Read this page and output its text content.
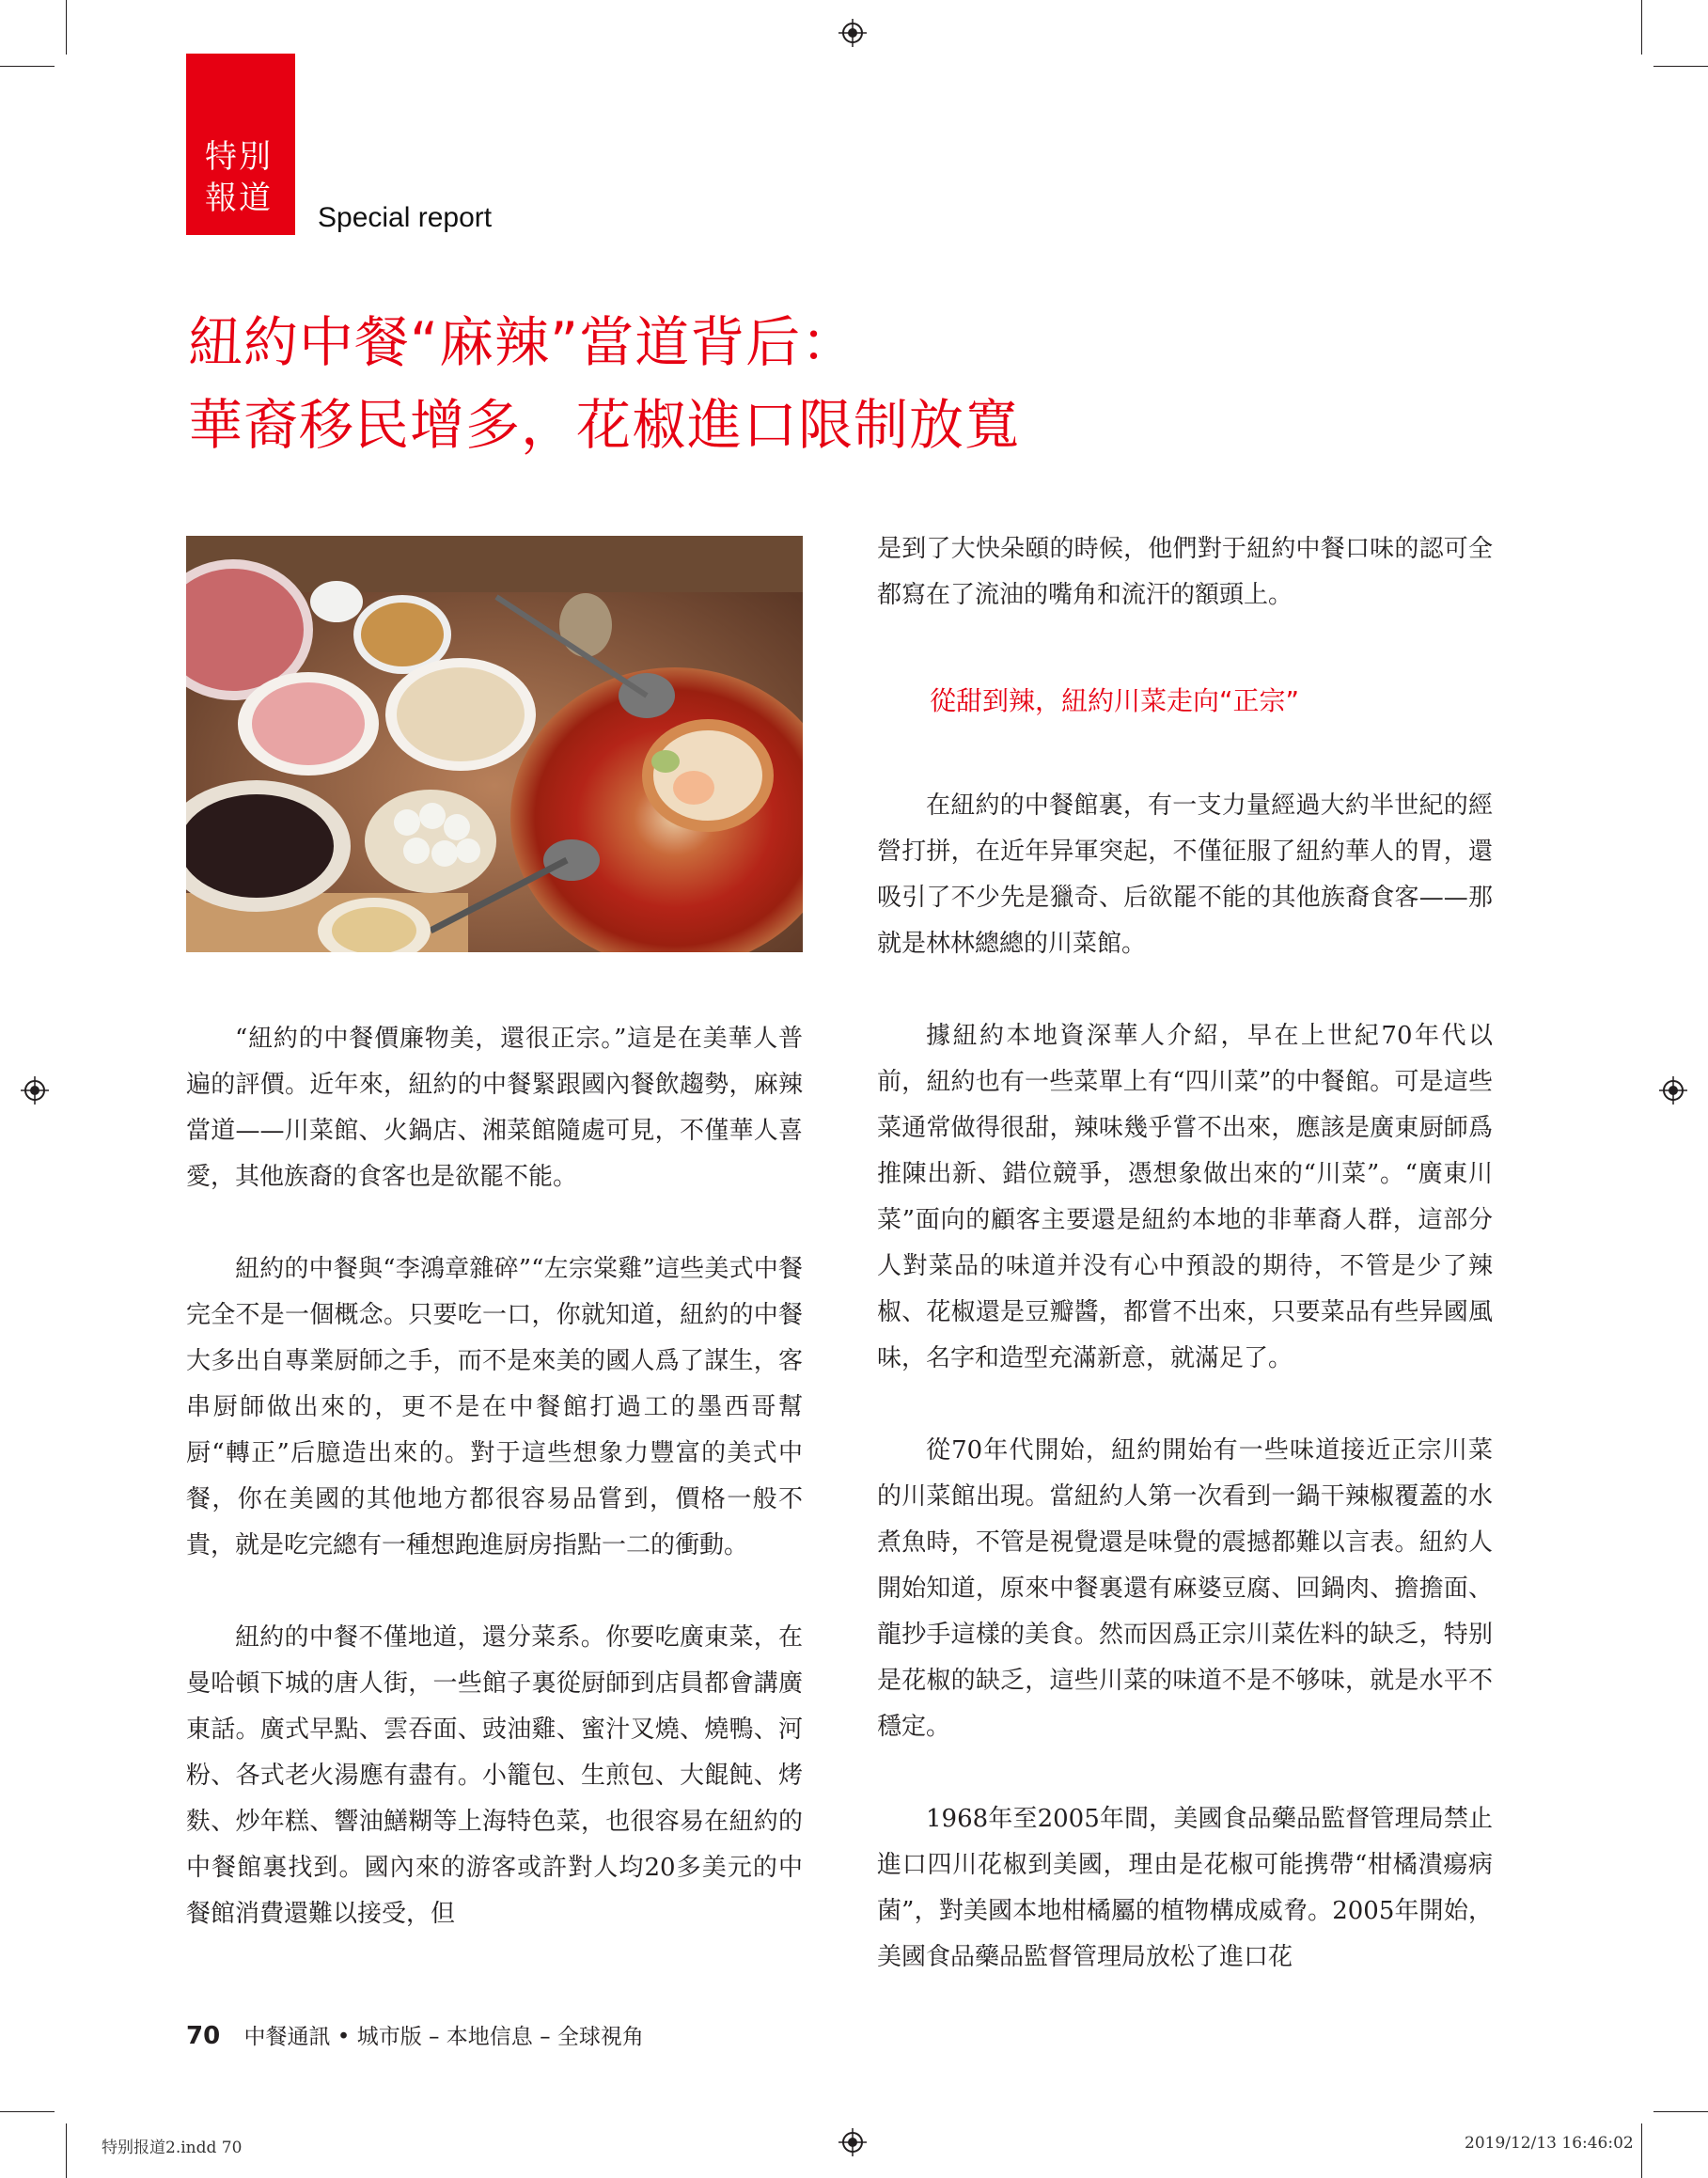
特別
報道
Special report
紐約中餐“麻辣”當道背后：
華裔移民增多，花椒進口限制放寬

“紐約的中餐價廉物美，還很正宗。”這是在美華人普遍的評價。近年來，紐約的中餐緊跟國內餐飲趨勢，麻辣當道——川菜館、火鍋店、湘菜館隨處可見，不僅華人喜愛，其他族裔的食客也是欲罷不能。

紐約的中餐與“李鴻章雜碎”“左宗棠雞”這些美式中餐完全不是一個概念。只要吃一口，你就知道，紐約的中餐大多出自專業厨師之手，而不是來美的國人爲了謀生，客串厨師做出來的，更不是在中餐館打過工的墨西哥幫厨“轉正”后臆造出來的。對于這些想象力豐富的美式中餐，你在美國的其他地方都很容易品嘗到，價格一般不貴，就是吃完總有一種想跑進厨房指點一二的衝動。

紐約的中餐不僅地道，還分菜系。你要吃廣東菜，在曼哈頓下城的唐人街，一些館子裏從厨師到店員都會講廣東話。廣式早點、雲吞面、豉油雞、蜜汁叉燒、燒鴨、河粉、各式老火湯應有盡有。小籠包、生煎包、大餛飩、烤麩、炒年糕、響油鱔糊等上海特色菜，也很容易在紐約的中餐館裏找到。國內來的游客或許對人均20多美元的中餐館消費還難以接受，但

是到了大快朵頤的時候，他們對于紐約中餐口味的認可全都寫在了流油的嘴角和流汗的額頭上。

從甜到辣，紐約川菜走向“正宗”

在紐約的中餐館裏，有一支力量經過大約半世紀的經營打拼，在近年异軍突起，不僅征服了紐約華人的胃，還吸引了不少先是獵奇、后欲罷不能的其他族裔食客——那就是林林總總的川菜館。

據紐約本地資深華人介紹，早在上世紀70年代以前，紐約也有一些菜單上有“四川菜”的中餐館。可是這些菜通常做得很甜，辣味幾乎嘗不出來，應該是廣東厨師爲推陳出新、錯位競爭，憑想象做出來的“川菜”。“廣東川菜”面向的顧客主要還是紐約本地的非華裔人群，這部分人對菜品的味道并没有心中預設的期待，不管是少了辣椒、花椒還是豆瓣醬，都嘗不出來，只要菜品有些异國風味，名字和造型充滿新意，就滿足了。

從70年代開始，紐約開始有一些味道接近正宗川菜的川菜館出現。當紐約人第一次看到一鍋干辣椒覆蓋的水煮魚時，不管是視覺還是味覺的震撼都難以言表。紐約人開始知道，原來中餐裏還有麻婆豆腐、回鍋肉、擔擔面、龍抄手這樣的美食。然而因爲正宗川菜佐料的缺乏，特别是花椒的缺乏，這些川菜的味道不是不够味，就是水平不穩定。

1968年至2005年間，美國食品藥品監督管理局禁止進口四川花椒到美國，理由是花椒可能携帶“柑橘潰瘍病菌”，對美國本地柑橘屬的植物構成威脅。2005年開始，美國食品藥品監督管理局放松了進口花

70 中餐通訊 • 城市版 – 本地信息 – 全球視角
特别报道2.indd 70	2019/12/13 16:46:02
